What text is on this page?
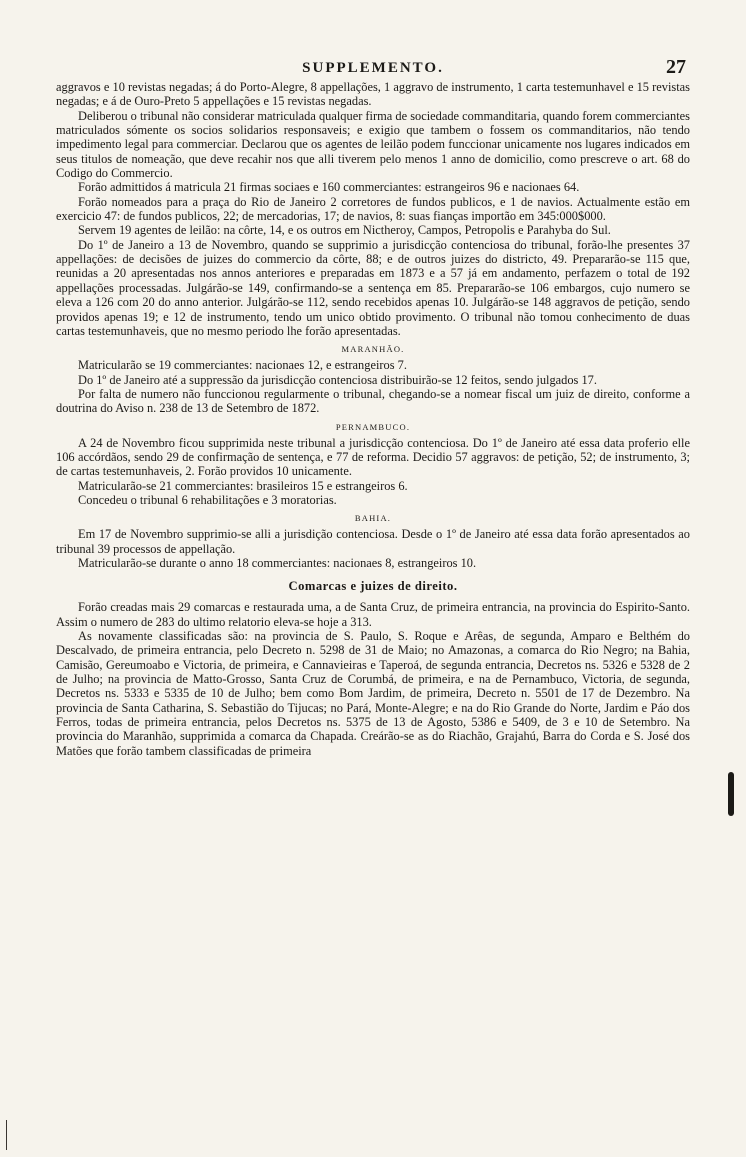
SUPPLEMENTO.	27

aggravos e 10 revistas negadas; á do Porto-Alegre, 8 appellações, 1 aggravo de instrumento, 1 carta testemunhavel e 15 revistas negadas; e á de Ouro-Preto 5 appellações e 15 revistas negadas.

Deliberou o tribunal não considerar matriculada qualquer firma de sociedade commanditaria, quando forem commerciantes matriculados sómente os socios solidarios responsaveis; e exigio que tambem o fossem os commanditarios, não tendo impedimento legal para commerciar. Declarou que os agentes de leilão podem funccionar unicamente nos lugares indicados em seus titulos de nomeação, que deve recahir nos que alli tiverem pelo menos 1 anno de domicilio, como prescreve o art. 68 do Codigo do Commercio.

Forão admittidos á matricula 21 firmas sociaes e 160 commerciantes: estrangeiros 96 e nacionaes 64.

Forão nomeados para a praça do Rio de Janeiro 2 corretores de fundos publicos, e 1 de navios. Actualmente estão em exercicio 47: de fundos publicos, 22; de mercadorias, 17; de navios, 8: suas fianças importão em 345:000$000.

Servem 19 agentes de leilão: na côrte, 14, e os outros em Nictheroy, Campos, Petropolis e Parahyba do Sul.

Do 1º de Janeiro a 13 de Novembro, quando se supprimio a jurisdicção contenciosa do tribunal, forão-lhe presentes 37 appellações: de decisões de juizes do commercio da côrte, 88; e de outros juizes do districto, 49. Prepararão-se 115 que, reunidas a 20 apresentadas nos annos anteriores e preparadas em 1873 e a 57 já em andamento, perfazem o total de 192 appellações processadas. Julgárão-se 149, confirmando-se a sentença em 85. Prepararão-se 106 embargos, cujo numero se eleva a 126 com 20 do anno anterior. Julgárão-se 112, sendo recebidos apenas 10. Julgárão-se 148 aggravos de petição, sendo providos apenas 19; e 12 de instrumento, tendo um unico obtido provimento. O tribunal não tomou conhecimento de duas cartas testemunhaveis, que no mesmo periodo lhe forão apresentadas.

MARANHÃO.

Matricularão se 19 commerciantes: nacionaes 12, e estrangeiros 7.

Do 1º de Janeiro até a suppressão da jurisdicção contenciosa distribuirão-se 12 feitos, sendo julgados 17.

Por falta de numero não funccionou regularmente o tribunal, chegando-se a nomear fiscal um juiz de direito, conforme a doutrina do Aviso n. 238 de 13 de Setembro de 1872.

PERNAMBUCO.

A 24 de Novembro ficou supprimida neste tribunal a jurisdicção contenciosa. Do 1º de Janeiro até essa data proferio elle 106 accórdãos, sendo 29 de confirmação de sentença, e 77 de reforma. Decidio 57 aggravos: de petição, 52; de instrumento, 3; de cartas testemunhaveis, 2. Forão providos 10 unicamente.

Matricularão-se 21 commerciantes: brasileiros 15 e estrangeiros 6.

Concedeu o tribunal 6 rehabilitações e 3 moratorias.

BAHIA.

Em 17 de Novembro supprimio-se alli a jurisdição contenciosa. Desde o 1º de Janeiro até essa data forão apresentados ao tribunal 39 processos de appellação.

Matricularão-se durante o anno 18 commerciantes: nacionaes 8, estrangeiros 10.

Comarcas e juizes de direito.

Forão creadas mais 29 comarcas e restaurada uma, a de Santa Cruz, de primeira entrancia, na provincia do Espirito-Santo. Assim o numero de 283 do ultimo relatorio eleva-se hoje a 313.

As novamente classificadas são: na provincia de S. Paulo, S. Roque e Arêas, de segunda, Amparo e Belthém do Descalvado, de primeira entrancia, pelo Decreto n. 5298 de 31 de Maio; no Amazonas, a comarca do Rio Negro; na Bahia, Camisão, Gereumoabo e Victoria, de primeira, e Cannavieiras e Taperoá, de segunda entrancia, Decretos ns. 5326 e 5328 de 2 de Julho; na provincia de Matto-Grosso, Santa Cruz de Corumbá, de primeira, e na de Pernambuco, Victoria, de segunda, Decretos ns. 5333 e 5335 de 10 de Julho; bem como Bom Jardim, de primeira, Decreto n. 5501 de 17 de Dezembro. Na provincia de Santa Catharina, S. Sebastião do Tijucas; no Pará, Monte-Alegre; e na do Rio Grande do Norte, Jardim e Páo dos Ferros, todas de primeira entrancia, pelos Decretos ns. 5375 de 13 de Agosto, 5386 e 5409, de 3 e 10 de Setembro. Na provincia do Maranhão, supprimida a comarca da Chapada. Creárão-se as do Riachão, Grajahú, Barra do Corda e S. José dos Matões que forão tambem classificadas de primeira
